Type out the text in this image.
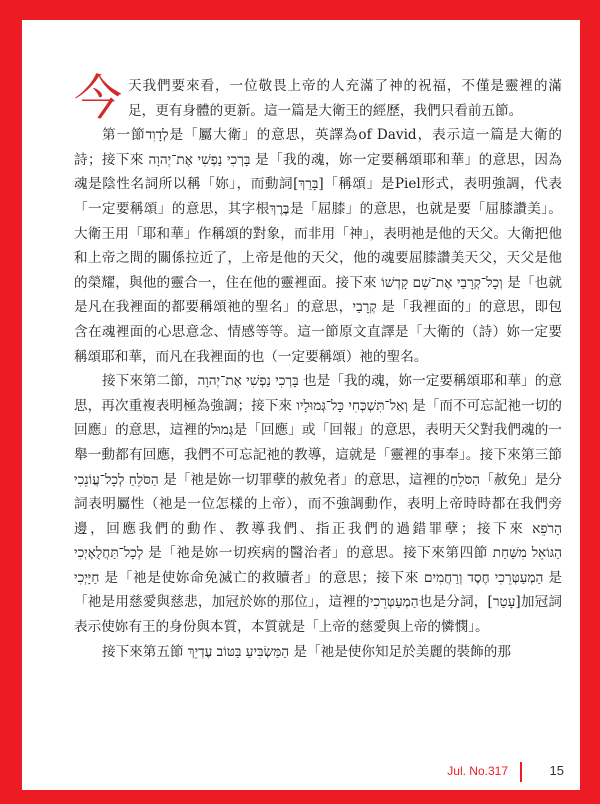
今天我們要來看，一位敬畏上帝的人充滿了神的祝福，不僅是靈裡的滿足，更有身體的更新。這一篇是大衛王的經歷，我們只看前五節。

第一節לְדָוִד是「屬大衛」的意思，英譯為of David，表示這一篇是大衛的詩；接下來 בָּרְכִי נַפְשִׁי אֶת־יְהוָה 是「我的魂，妳一定要稱頌耶和華」的意思，因為魂是陰性名詞所以稱「妳」，而動詞[בָּרַךְ]「稱頌」是Piel形式，表明強調，代表「一定要稱頌」的意思，其字根בֶּרֶךְ是「屈膝」的意思，也就是要「屈膝讚美」。大衛王用「耶和華」作稱頌的對象，而非用「神」，表明祂是他的天父。大衛把他和上帝之間的關係拉近了，上帝是他的天父，他的魂要屈膝讚美天父，天父是他的榮耀，與他的靈合一，住在他的靈裡面。接下來 וְכָל־קְרָבַי אֶת־שֵׁם קָדְשׁוֹ 是「也就是凡在我裡面的都要稱頌祂的聖名」的意思，קְרָבַי 是「我裡面的」的意思，即包含在魂裡面的心思意念、情感等等。這一節原文直譯是「大衛的（詩）妳一定要稱頌耶和華，而凡在我裡面的也（一定要稱頌）祂的聖名。

接下來第二節，בָּרְכִי נַפְשִׁי אֶת־יְהוָה 也是「我的魂，妳一定要稱頌耶和華」的意思，再次重複表明極為強調；接下來 וְאַל־תִּשְׁכְּחִי כָּל־גְּמוּלָיו 是「而不可忘記祂一切的回應」的意思，這裡的גְּמוּל是「回應」或「回報」的意思，表明天父對我們魂的一舉一動都有回應，我們不可忘記祂的教導，這就是「靈裡的事奉」。接下來第三節 הַסֹּלֵחַ לְכָל־עֲוֹנֵכִי 是「祂是妳一切罪孽的赦免者」的意思，這裡的הַסֹּלֵחַ「赦免」是分詞表明屬性（祂是一位怎樣的上帝），而不強調動作，表明上帝時時都在我們旁邊，回應我們的動作、教導我們、指正我們的過錯罪孽；接下來 הָרֹפֵא לְכָל־תַּחֲלֻאָיְכִי 是「祂是妳一切疾病的醫治者」的意思。接下來第四節 הַגּוֹאֵל מִשַּׁחַת חַיָּיְכִי 是「祂是使妳命免滅亡的救贖者」的意思；接下來 הַמְעַטְּרֵכִי חֶסֶד וְרַחֲמִים 是「祂是用慈愛與慈悲，加冠於妳的那位」，這裡的הַמְעַטְּרֵכִי也是分詞，[עָטַר]加冠詞表示使妳有王的身份與本質，本質就是「上帝的慈愛與上帝的憐憫」。

接下來第五節 הַמַּשְׂבִּיעַ בַּטּוֹב עֶדְיֵךְ 是「祂是使你知足於美麗的裝飾的那

Jul. No.317	15
